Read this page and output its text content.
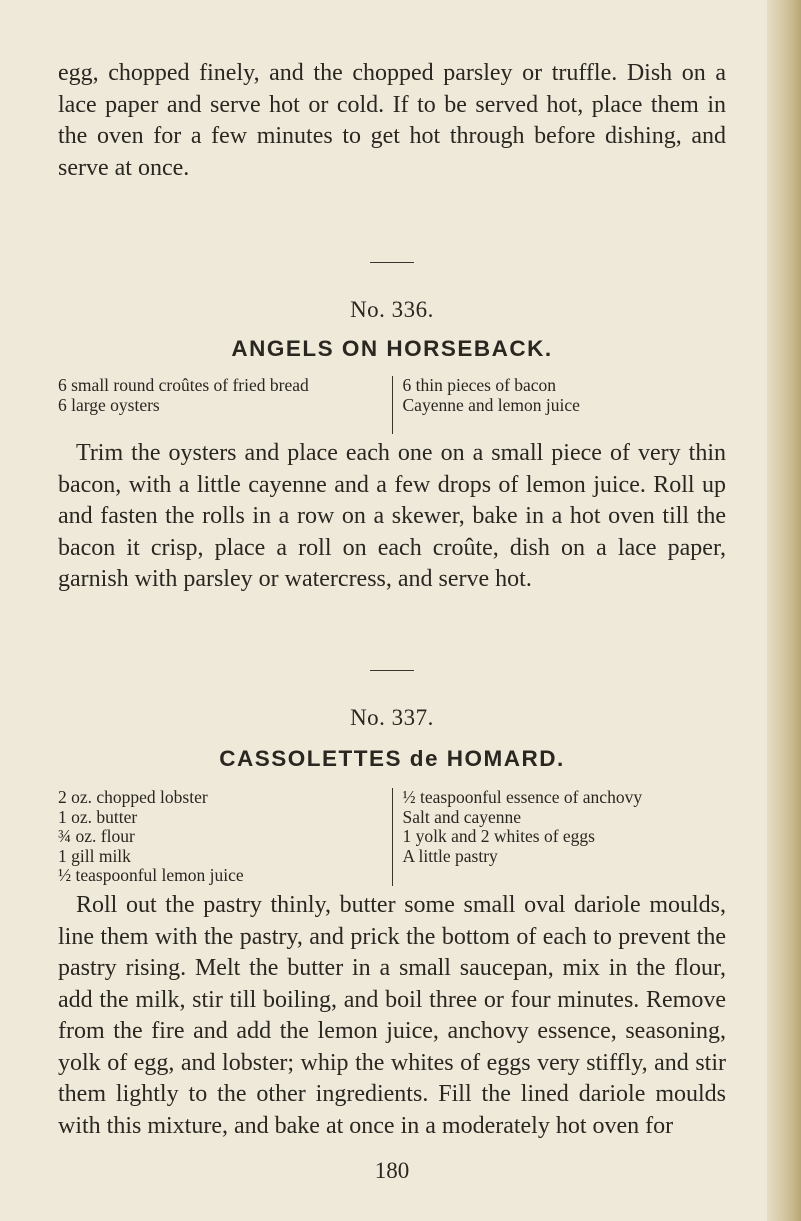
egg, chopped finely, and the chopped parsley or truffle. Dish on a lace paper and serve hot or cold. If to be served hot, place them in the oven for a few minutes to get hot through before dishing, and serve at once.

No. 336.
ANGELS ON HORSEBACK.
6 small round croûtes of fried bread
6 large oysters
6 thin pieces of bacon
Cayenne and lemon juice

Trim the oysters and place each one on a small piece of very thin bacon, with a little cayenne and a few drops of lemon juice. Roll up and fasten the rolls in a row on a skewer, bake in a hot oven till the bacon it crisp, place a roll on each croûte, dish on a lace paper, garnish with parsley or watercress, and serve hot.

No. 337.
CASSOLETTES de HOMARD.
2 oz. chopped lobster
1 oz. butter
¾ oz. flour
1 gill milk
½ teaspoonful lemon juice
½ teaspoonful essence of anchovy
Salt and cayenne
1 yolk and 2 whites of eggs
A little pastry

Roll out the pastry thinly, butter some small oval dariole moulds, line them with the pastry, and prick the bottom of each to prevent the pastry rising. Melt the butter in a small saucepan, mix in the flour, add the milk, stir till boiling, and boil three or four minutes. Remove from the fire and add the lemon juice, anchovy essence, seasoning, yolk of egg, and lobster; whip the whites of eggs very stiffly, and stir them lightly to the other ingredients. Fill the lined dariole moulds with this mixture, and bake at once in a moderately hot oven for

180
